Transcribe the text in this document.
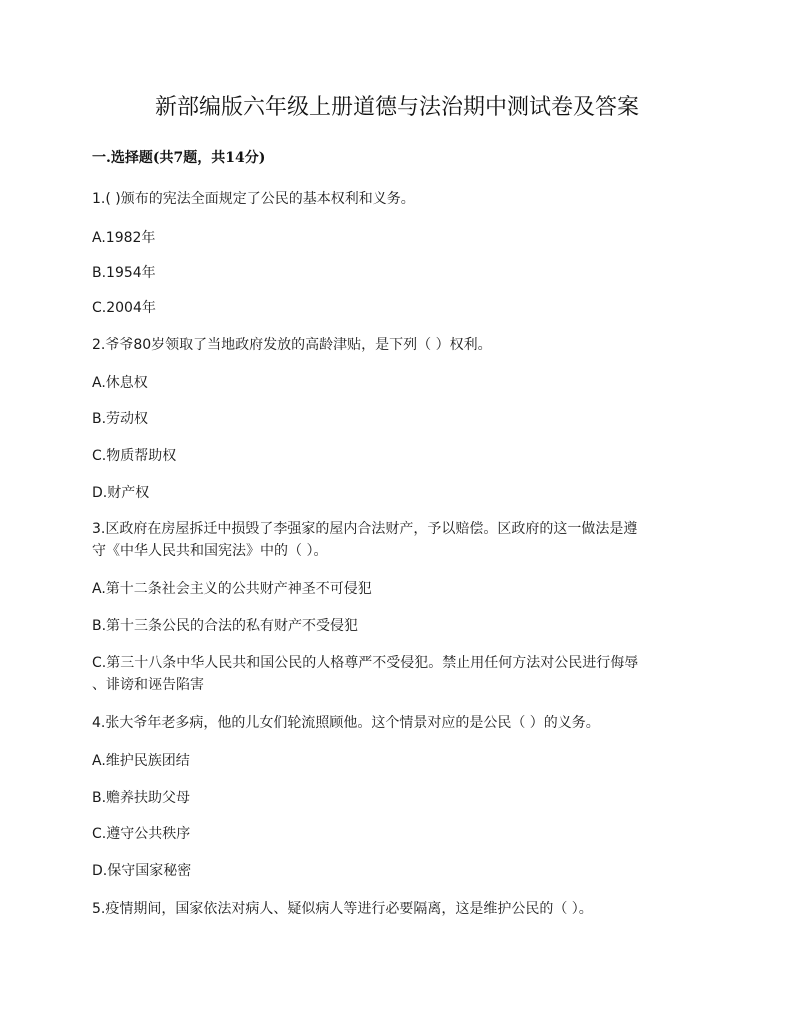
新部编版六年级上册道德与法治期中测试卷及答案
一.选择题(共7题，共14分)
1.( )颁布的宪法全面规定了公民的基本权利和义务。
A.1982年
B.1954年
C.2004年
2.爷爷80岁领取了当地政府发放的高龄津贴，是下列（ ）权利。
A.休息权
B.劳动权
C.物质帮助权
D.财产权
3.区政府在房屋拆迁中损毁了李强家的屋内合法财产，予以赔偿。区政府的这一做法是遵
守《中华人民共和国宪法》中的（ ）。
A.第十二条社会主义的公共财产神圣不可侵犯
B.第十三条公民的合法的私有财产不受侵犯
C.第三十八条中华人民共和国公民的人格尊严不受侵犯。禁止用任何方法对公民进行侮辱
、诽谤和诬告陷害
4.张大爷年老多病，他的儿女们轮流照顾他。这个情景对应的是公民（ ）的义务。
A.维护民族团结
B.赡养扶助父母
C.遵守公共秩序
D.保守国家秘密
5.疫情期间，国家依法对病人、疑似病人等进行必要隔离，这是维护公民的（ ）。
